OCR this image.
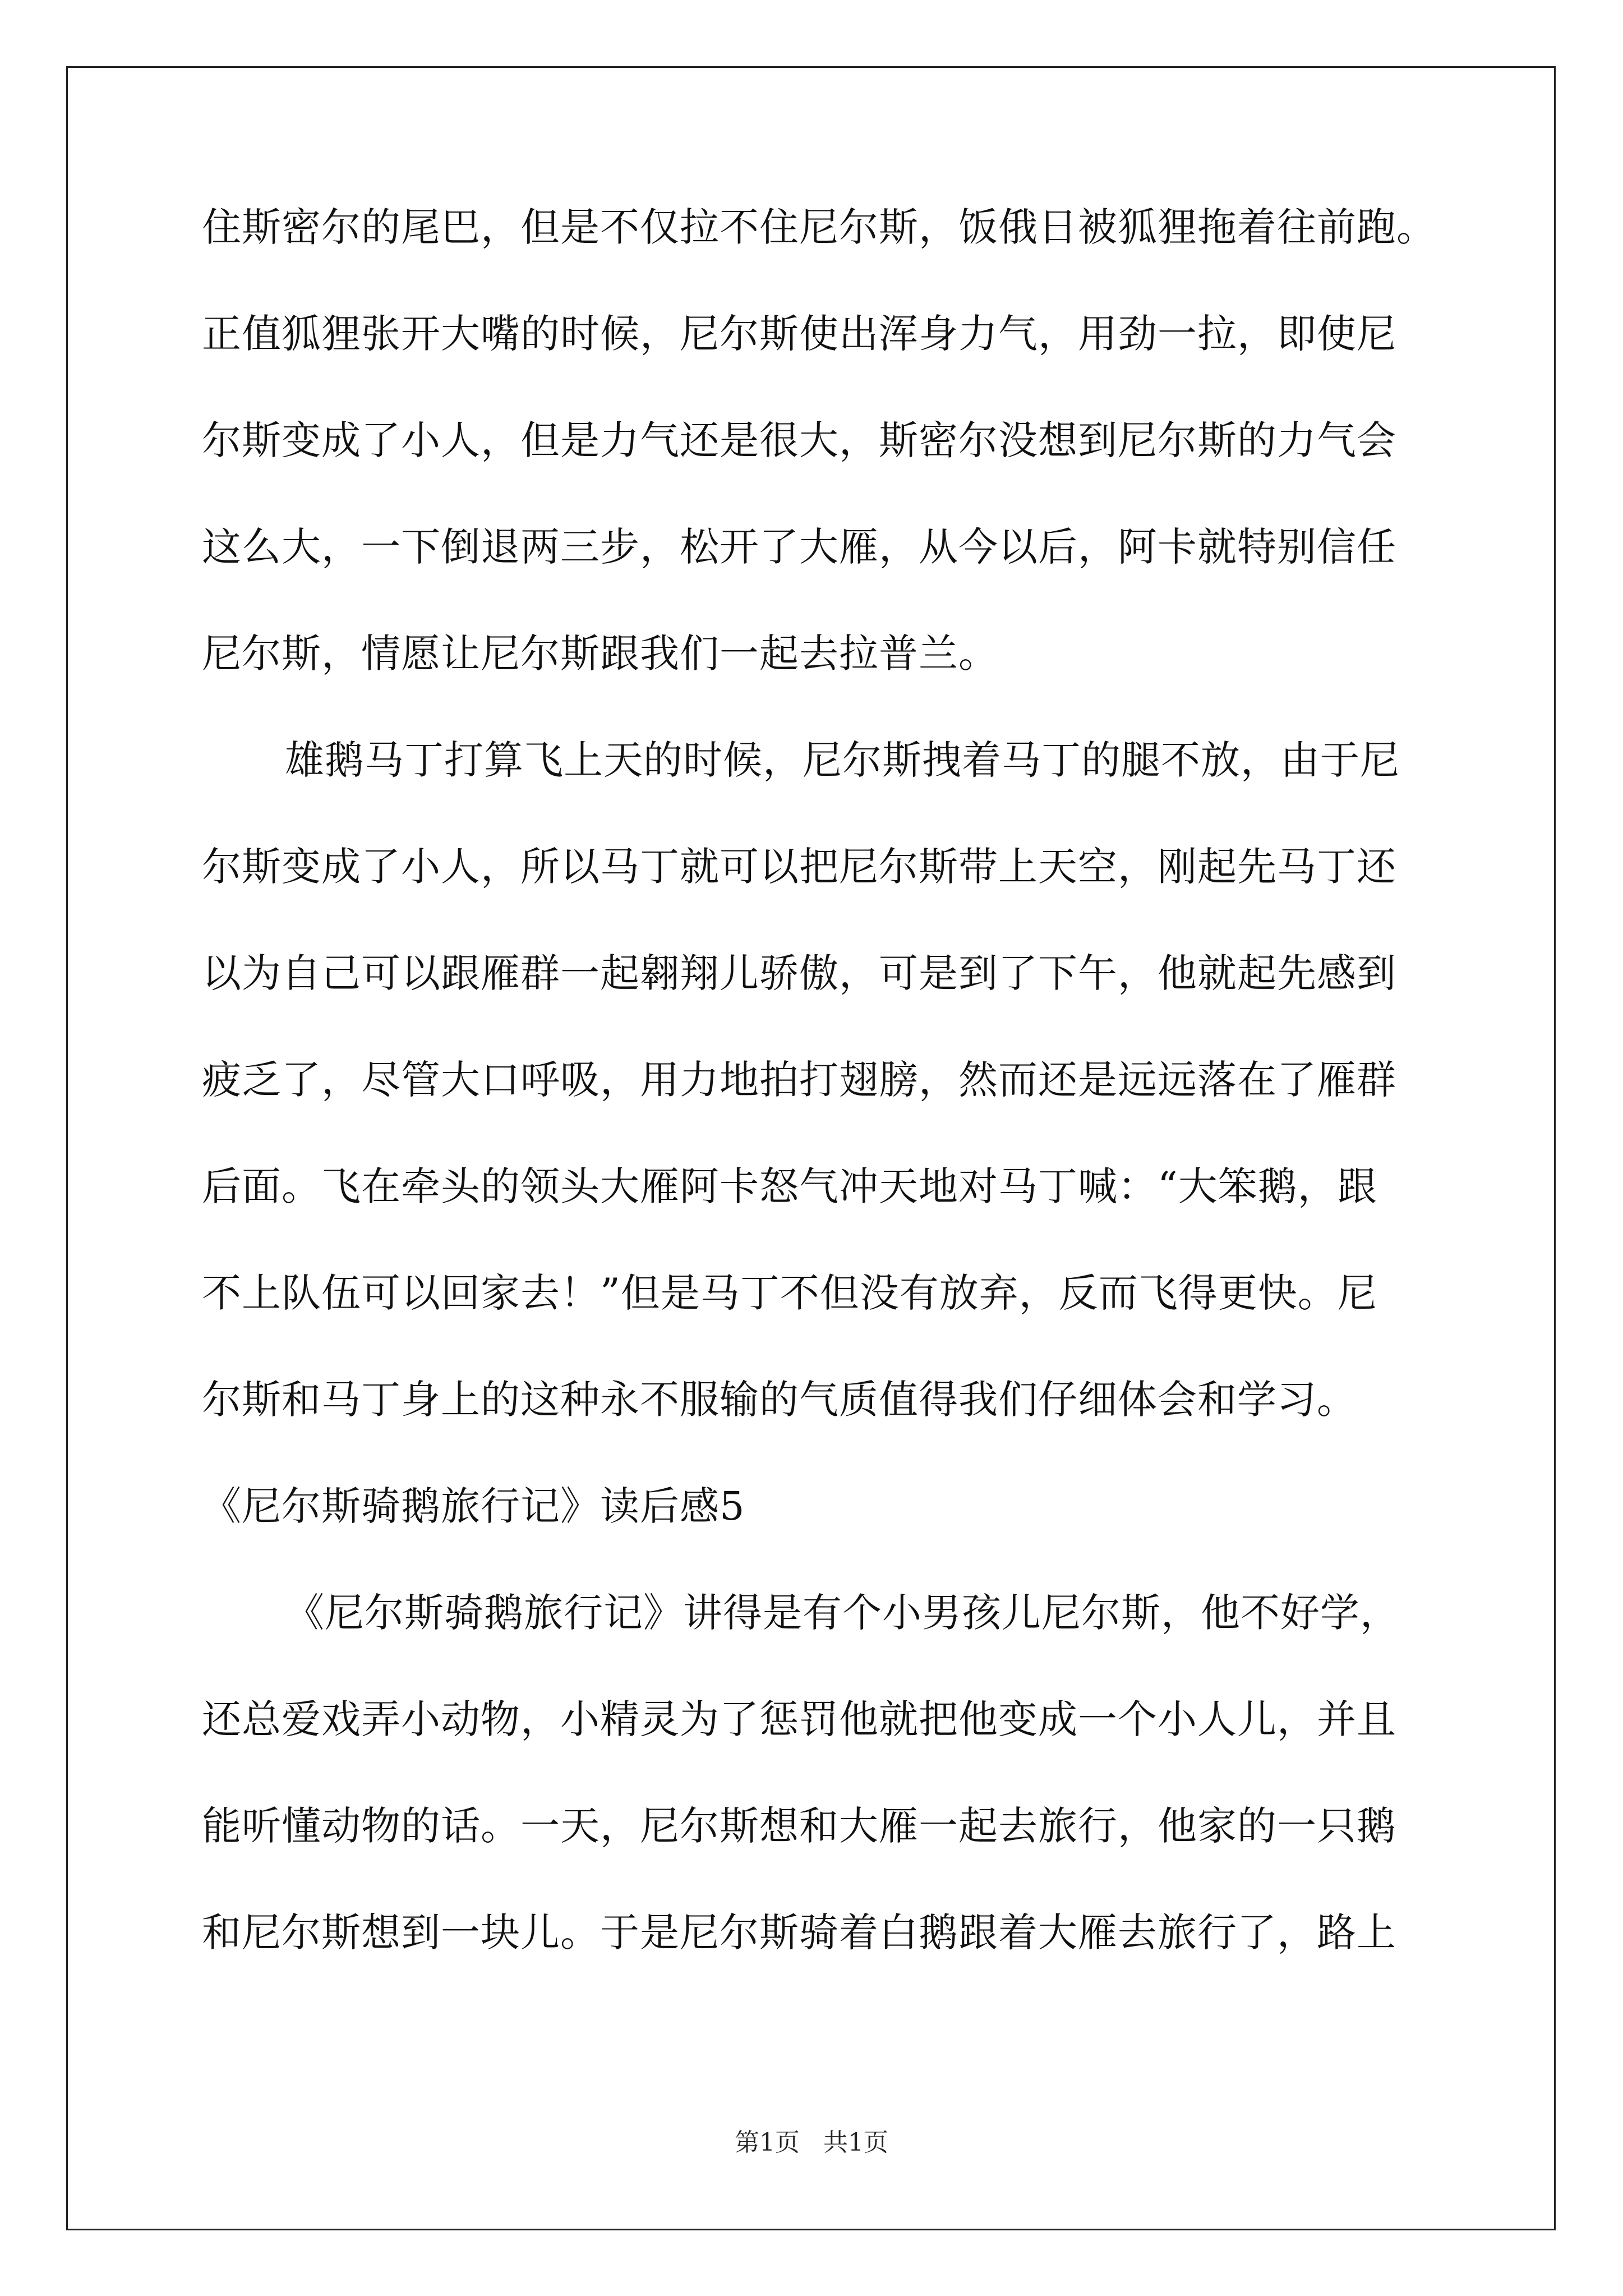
住斯密尔的尾巴，但是不仅拉不住尼尔斯，饭俄日被狐狸拖着往前跑。
正值狐狸张开大嘴的时候，尼尔斯使出浑身力气，用劲一拉，即使尼
尔斯变成了小人，但是力气还是很大，斯密尔没想到尼尔斯的力气会
这么大，一下倒退两三步，松开了大雁，从今以后，阿卡就特别信任
尼尔斯，情愿让尼尔斯跟我们一起去拉普兰。
雄鹅马丁打算飞上天的时候，尼尔斯拽着马丁的腿不放，由于尼
尔斯变成了小人，所以马丁就可以把尼尔斯带上天空，刚起先马丁还
以为自己可以跟雁群一起翱翔儿骄傲，可是到了下午，他就起先感到
疲乏了，尽管大口呼吸，用力地拍打翅膀，然而还是远远落在了雁群
后面。飞在牵头的领头大雁阿卡怒气冲天地对马丁喊：“大笨鹅，跟
不上队伍可以回家去！”但是马丁不但没有放弃，反而飞得更快。尼
尔斯和马丁身上的这种永不服输的气质值得我们仔细体会和学习。
《尼尔斯骑鹅旅行记》读后感5
《尼尔斯骑鹅旅行记》讲得是有个小男孩儿尼尔斯，他不好学，
还总爱戏弄小动物，小精灵为了惩罚他就把他变成一个小人儿，并且
能听懂动物的话。一天，尼尔斯想和大雁一起去旅行，他家的一只鹅
和尼尔斯想到一块儿。于是尼尔斯骑着白鹅跟着大雁去旅行了，路上
第1页   共1页
